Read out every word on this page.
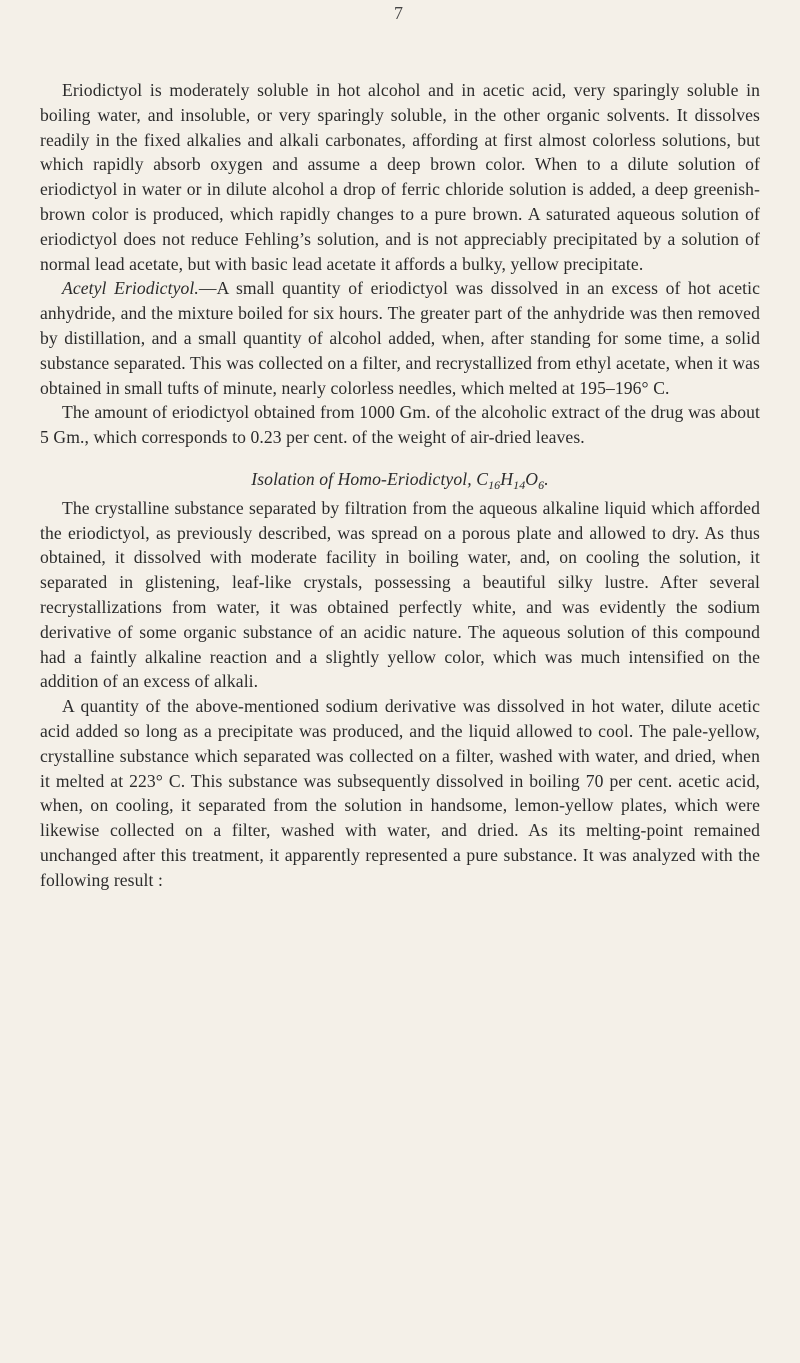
7

Eriodictyol is moderately soluble in hot alcohol and in acetic acid, very sparingly soluble in boiling water, and insoluble, or very sparingly soluble, in the other organic solvents. It dissolves readily in the fixed alkalies and alkali carbonates, affording at first almost colorless solutions, but which rapidly absorb oxygen and assume a deep brown color. When to a dilute solution of eriodictyol in water or in dilute alcohol a drop of ferric chloride solution is added, a deep greenish-brown color is produced, which rapidly changes to a pure brown. A saturated aqueous solution of eriodictyol does not reduce Fehling’s solution, and is not appreciably precipitated by a solution of normal lead acetate, but with basic lead acetate it affords a bulky, yellow precipitate.

Acetyl Eriodictyol.—A small quantity of eriodictyol was dissolved in an excess of hot acetic anhydride, and the mixture boiled for six hours. The greater part of the anhydride was then removed by distillation, and a small quantity of alcohol added, when, after standing for some time, a solid substance separated. This was collected on a filter, and recrystallized from ethyl acetate, when it was obtained in small tufts of minute, nearly colorless needles, which melted at 195–196° C.

The amount of eriodictyol obtained from 1000 Gm. of the alcoholic extract of the drug was about 5 Gm., which corresponds to 0.23 per cent. of the weight of air-dried leaves.

Isolation of Homo-Eriodictyol, $C_{16}H_{14}O_6$.

The crystalline substance separated by filtration from the aqueous alkaline liquid which afforded the eriodictyol, as previously described, was spread on a porous plate and allowed to dry. As thus obtained, it dissolved with moderate facility in boiling water, and, on cooling the solution, it separated in glistening, leaf-like crystals, possessing a beautiful silky lustre. After several recrystallizations from water, it was obtained perfectly white, and was evidently the sodium derivative of some organic substance of an acidic nature. The aqueous solution of this compound had a faintly alkaline reaction and a slightly yellow color, which was much intensified on the addition of an excess of alkali.

A quantity of the above-mentioned sodium derivative was dissolved in hot water, dilute acetic acid added so long as a precipitate was produced, and the liquid allowed to cool. The pale-yellow, crystalline substance which separated was collected on a filter, washed with water, and dried, when it melted at 223° C. This substance was subsequently dissolved in boiling 70 per cent. acetic acid, when, on cooling, it separated from the solution in handsome, lemon-yellow plates, which were likewise collected on a filter, washed with water, and dried. As its melting-point remained unchanged after this treatment, it apparently represented a pure substance. It was analyzed with the following result :
